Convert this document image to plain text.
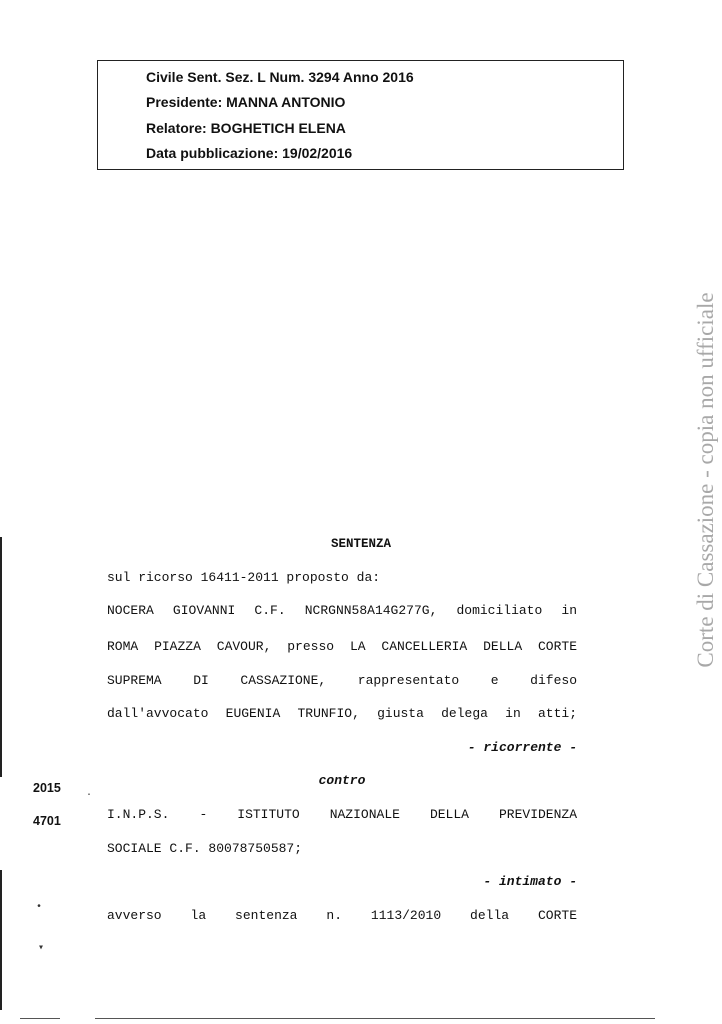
Civile Sent. Sez. L Num. 3294 Anno 2016
Presidente: MANNA ANTONIO
Relatore: BOGHETICH ELENA
Data pubblicazione: 19/02/2016
Corte di Cassazione - copia non ufficiale
SENTENZA
sul ricorso 16411-2011 proposto da:
NOCERA GIOVANNI C.F. NCRGNN58A14G277G, domiciliato in
ROMA PIAZZA CAVOUR, presso LA CANCELLERIA DELLA CORTE
SUPREMA DI CASSAZIONE, rappresentato e difeso
dall'avvocato EUGENIA TRUNFIO, giusta delega in atti;
- ricorrente -
contro
I.N.P.S. - ISTITUTO NAZIONALE DELLA PREVIDENZA
SOCIALE C.F. 80078750587;
- intimato -
avverso la sentenza n. 1113/2010 della CORTE
2015
4701
·
•
▾
